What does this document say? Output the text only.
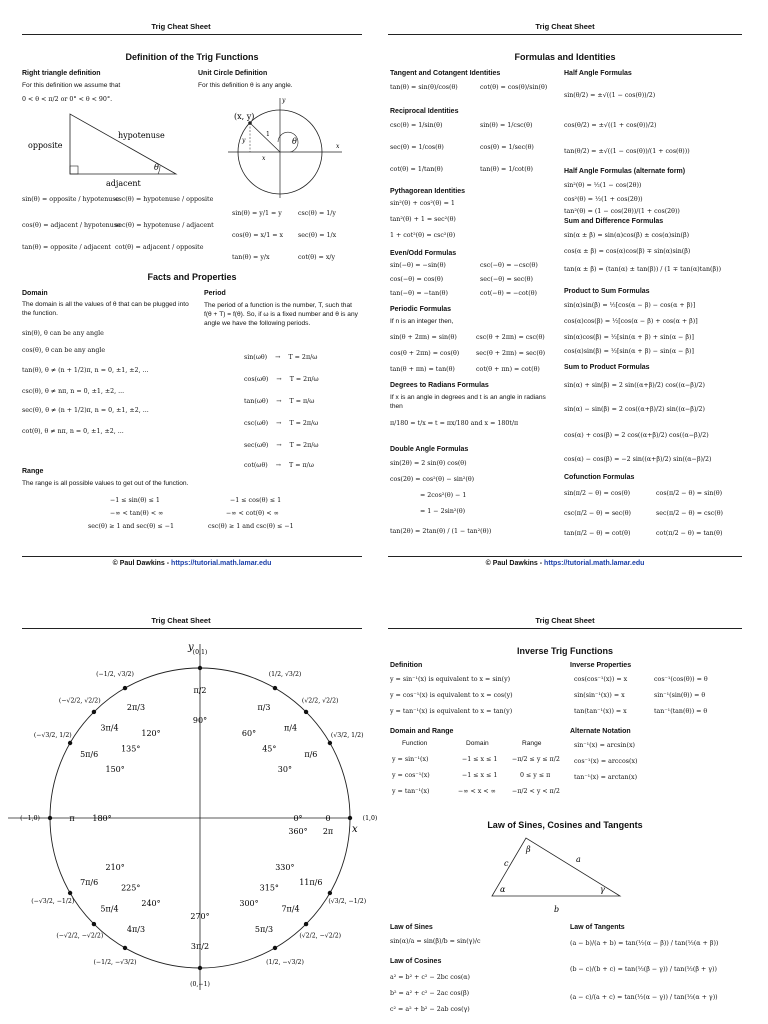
Trig Cheat Sheet
Definition of the Trig Functions
Right triangle definition
For this definition we assume that
0 < θ < π/2 or 0° < θ < 90°.
hypotenuse
opposite
adjacent
θ
sin(θ) = opposite / hypotenuse
csc(θ) = hypotenuse / opposite
cos(θ) = adjacent / hypotenuse
sec(θ) = hypotenuse / adjacent
tan(θ) = opposite / adjacent cot(θ) = adjacent / opposite
Unit Circle Definition
For this definition θ is any angle.
(x, y)
θ
y
x
1
x
y
sin(θ) = y/1 = y	csc(θ) = 1/y
cos(θ) = x/1 = x sec(θ) = 1/x
tan(θ) = y/x	cot(θ) = x/y
Facts and Properties
Domain
The domain is all the values of θ that can be plugged into the function.
sin(θ), θ can be any angle
cos(θ), θ can be any angle
tan(θ), θ ≠ (n + 1/2)π, n = 0, ±1, ±2, ...
csc(θ), θ ≠ nπ, n = 0, ±1, ±2, ...
sec(θ), θ ≠ (n + 1/2)π, n = 0, ±1, ±2, ...
cot(θ), θ ≠ nπ, n = 0, ±1, ±2, ...
Period
The period of a function is the number, T, such that f(θ + T) = f(θ). So, if ω is a fixed number and θ is any angle we have the following periods.
Range
sin(ωθ) → T = 2π/ω
cos(ωθ) → T = 2π/ω
tan(ωθ) → T = π/ω
csc(ωθ) → T = 2π/ω
sec(ωθ) → T = 2π/ω
cot(ωθ) → T = π/ω
The range is all possible values to get out of the function.
−1 ≤ sin(θ) ≤ 1	−1 ≤ cos(θ) ≤ 1
−∞ < tan(θ) < ∞	−∞ < cot(θ) < ∞
sec(θ) ≥ 1 and sec(θ) ≤ −1	csc(θ) ≥ 1 and csc(θ) ≤ −1
© Paul Dawkins - https://tutorial.math.lamar.edu
Trig Cheat Sheet
Formulas and Identities
Tangent and Cotangent Identities
tan(θ) = sin(θ)/cos(θ)	cot(θ) = cos(θ)/sin(θ)
Reciprocal Identities
csc(θ) = 1/sin(θ)	sin(θ) = 1/csc(θ)
sec(θ) = 1/cos(θ)	cos(θ) = 1/sec(θ)
cot(θ) = 1/tan(θ)	tan(θ) = 1/cot(θ)
Pythagorean Identities
sin²(θ) + cos²(θ) = 1
tan²(θ) + 1 = sec²(θ)
1 + cot²(θ) = csc²(θ)
Even/Odd Formulas
sin(−θ) = −sin(θ)	csc(−θ) = −csc(θ)
cos(−θ) = cos(θ)	sec(−θ) = sec(θ)
tan(−θ) = −tan(θ)	cot(−θ) = −cot(θ)
Periodic Formulas
If n is an integer then,
sin(θ + 2πn) = sin(θ)	csc(θ + 2πn) = csc(θ)
cos(θ + 2πn) = cos(θ)	sec(θ + 2πn) = sec(θ)
tan(θ + πn) = tan(θ)	cot(θ + πn) = cot(θ)
Degrees to Radians Formulas
If x is an angle in degrees and t is an angle in radians then
π/180 = t/x ⇒ t = πx/180 and x = 180t/π
Double Angle Formulas
sin(2θ) = 2 sin(θ) cos(θ)
cos(2θ) = cos²(θ) − sin²(θ)
= 2cos²(θ) − 1
= 1 − 2sin²(θ)
tan(2θ) = 2tan(θ) / (1 − tan²(θ))
Half Angle Formulas
sin(θ/2) = ±√((1 − cos(θ))/2)
cos(θ/2) = ±√((1 + cos(θ))/2)
tan(θ/2) = ±√((1 − cos(θ))/(1 + cos(θ)))
Half Angle Formulas (alternate form)
sin²(θ) = ½(1 − cos(2θ))
cos²(θ) = ½(1 + cos(2θ))
tan²(θ) = (1 − cos(2θ))/(1 + cos(2θ))
Sum and Difference Formulas
sin(α ± β) = sin(α)cos(β) ± cos(α)sin(β)
cos(α ± β) = cos(α)cos(β) ∓ sin(α)sin(β)
tan(α ± β) = (tan(α) ± tan(β)) / (1 ∓ tan(α)tan(β))
Product to Sum Formulas
sin(α)sin(β) = ½[cos(α − β) − cos(α + β)]
cos(α)cos(β) = ½[cos(α − β) + cos(α + β)]
sin(α)cos(β) = ½[sin(α + β) + sin(α − β)]
cos(α)sin(β) = ½[sin(α + β) − sin(α − β)]
Sum to Product Formulas
sin(α) + sin(β) = 2 sin((α+β)/2) cos((α−β)/2)
sin(α) − sin(β) = 2 cos((α+β)/2) sin((α−β)/2)
cos(α) + cos(β) = 2 cos((α+β)/2) cos((α−β)/2)
cos(α) − cos(β) = −2 sin((α+β)/2) sin((α−β)/2)
Cofunction Formulas
sin(π/2 − θ) = cos(θ)	cos(π/2 − θ) = sin(θ)
csc(π/2 − θ) = sec(θ)	sec(π/2 − θ) = csc(θ)
tan(π/2 − θ) = cot(θ)	cot(π/2 − θ) = tan(θ)
© Paul Dawkins - https://tutorial.math.lamar.edu
Trig Cheat Sheet
x
y
(1,0)
0
0°
2π
360°
(√3/2, 1/2)
π/6
30°
(√2/2, √2/2)
π/4
45°
(1/2, √3/2)
π/3
60°
(0,1)
π/2
90°
(−1/2, √3/2)
2π/3
120°
(−√2/2, √2/2)
3π/4
135°
(−√3/2, 1/2)
5π/6
150°
(−1,0)	π 180°
(−√3/2, −1/2)
7π/6
210°
(−√2/2, −√2/2)
5π/4
225°
(−1/2, −√3/2)
4π/3
240°
(0,−1)
3π/2
270°
(1/2, −√3/2)
5π/3
300°
(√2/2, −√2/2)
7π/4
315°
(√3/2, −1/2)
11π/6
330°
Trig Cheat Sheet
Inverse Trig Functions
Definition
y = sin⁻¹(x) is equivalent to x = sin(y)
y = cos⁻¹(x) is equivalent to x = cos(y)
y = tan⁻¹(x) is equivalent to x = tan(y)
Inverse Properties
cos(cos⁻¹(x)) = x	cos⁻¹(cos(θ)) = θ
sin(sin⁻¹(x)) = x	sin⁻¹(sin(θ)) = θ
tan(tan⁻¹(x)) = x	tan⁻¹(tan(θ)) = θ
Domain and Range
Function	Domain	Range
y = sin⁻¹(x)	−1 ≤ x ≤ 1 −π/2 ≤ y ≤ π/2
y = cos⁻¹(x)	−1 ≤ x ≤ 1	0 ≤ y ≤ π
y = tan⁻¹(x)	−∞ < x < ∞	−π/2 < y < π/2
Alternate Notation
sin⁻¹(x) = arcsin(x)
cos⁻¹(x) = arccos(x)
tan⁻¹(x) = arctan(x)
Law of Sines, Cosines and Tangents
c	a
b
α
β
γ
Law of Sines
sin(α)/a = sin(β)/b = sin(γ)/c
Law of Cosines
a² = b² + c² − 2bc cos(α)
b² = a² + c² − 2ac cos(β)
c² = a² + b² − 2ab cos(γ)
Law of Tangents
(a − b)/(a + b) = tan(½(α − β)) / tan(½(α + β))
(b − c)/(b + c) = tan(½(β − γ)) / tan(½(β + γ))
(a − c)/(a + c) = tan(½(α − γ)) / tan(½(α + γ))
